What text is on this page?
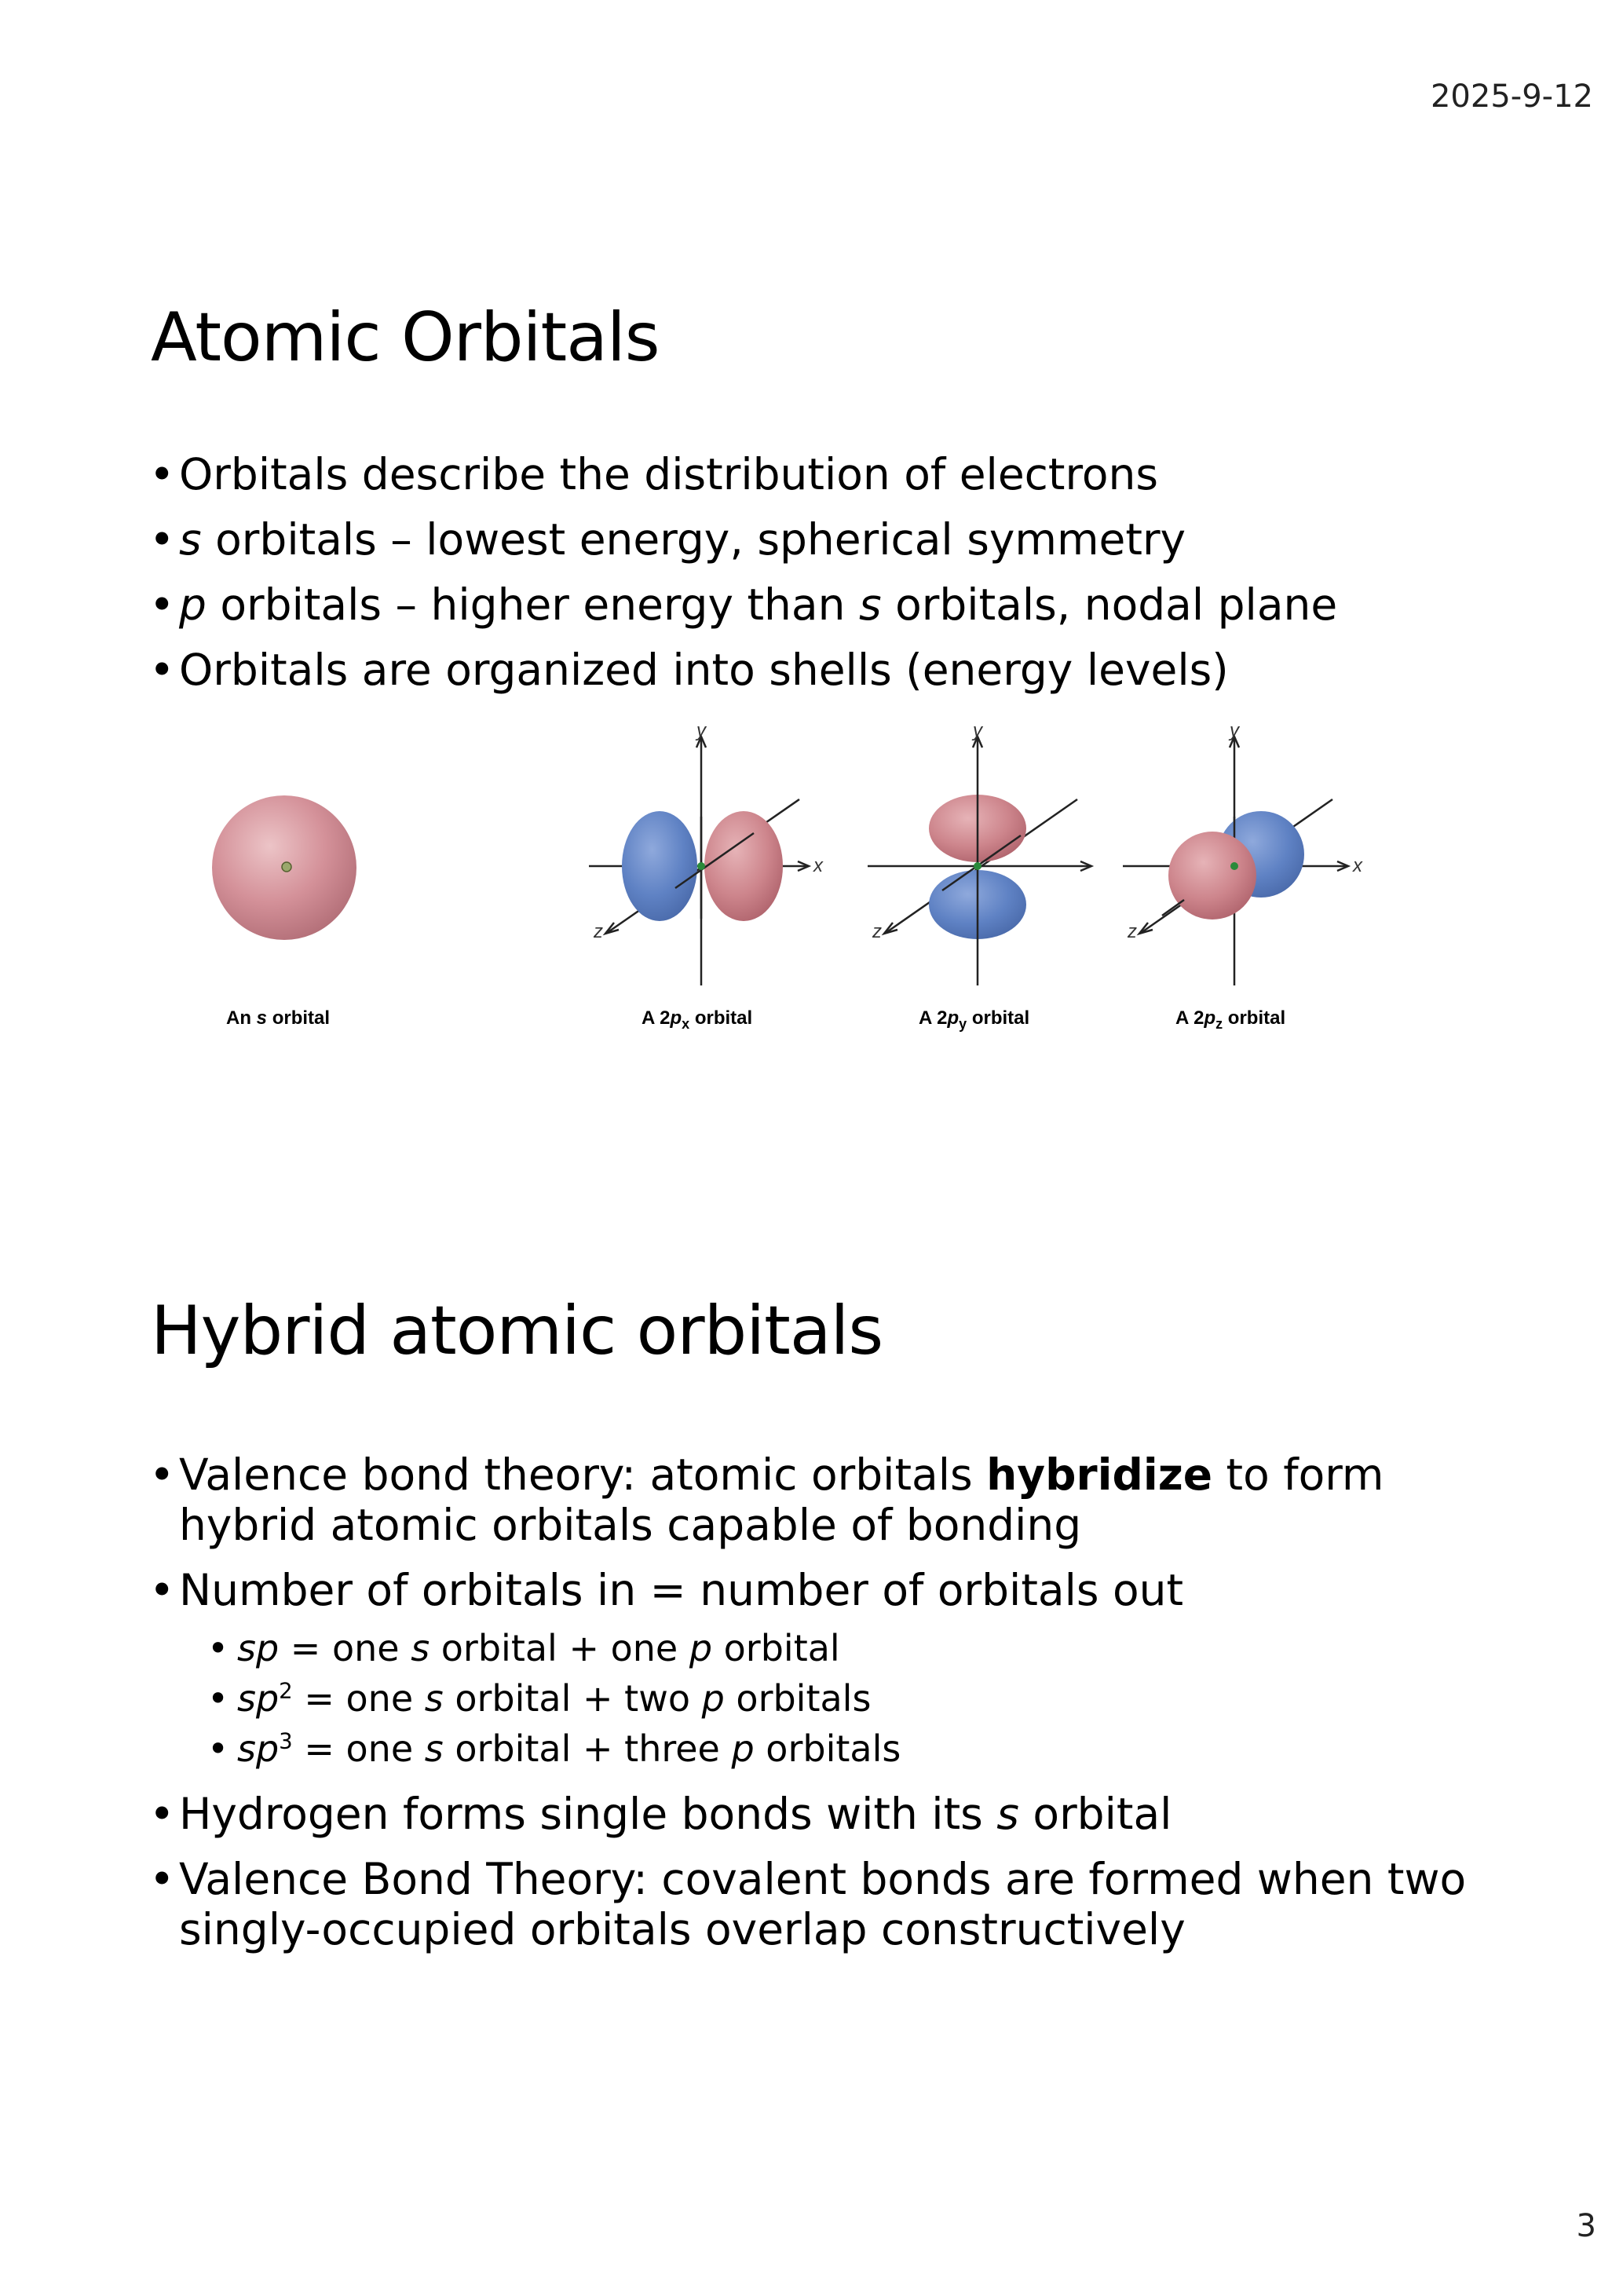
2025-9-12
Atomic Orbitals
• Orbitals describe the distribution of electrons
• s orbitals – lowest energy, spherical symmetry
• p orbitals – higher energy than s orbitals, nodal plane
• Orbitals are organized into shells (energy levels)
y
x
z
y
z
y
x
z
An s orbital	A $2p_x$ orbital	A $2p_y$ orbital	A $2p_z$ orbital
Hybrid atomic orbitals
• Valence bond theory: atomic orbitals hybridize to form hybrid atomic orbitals capable of bonding
• Number of orbitals in = number of orbitals out
• sp = one s orbital + one p orbital
• $sp^2$ = one s orbital + two p orbitals
• $sp^3$ = one s orbital + three p orbitals
• Hydrogen forms single bonds with its s orbital
• Valence Bond Theory: covalent bonds are formed when two singly-occupied orbitals overlap constructively
3
